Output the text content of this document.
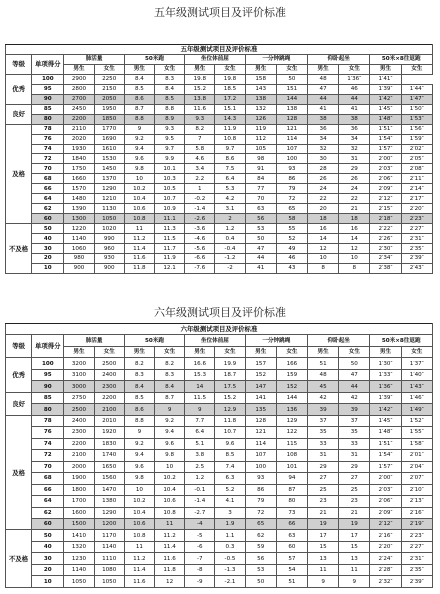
五年级测试项目及评价标准
五年级测试项目及评价标准													
等级	单项得分	肺活量		50米跑		坐位体前屈		一分钟跳绳		仰卧起坐		50米×8往返跑	
		男生	女生	男生	女生	男生	女生	男生	女生	男生	女生	男生	女生
优秀	100	2900	2250	8.4	8.3	19.8	19.8	158	50	48	1′36″	1′41″	
	95	2800	2150	8.5	8.4	15.2	18.5	143	151	47	46	1′39″	1′44″
	90	2700	2050	8.6	8.5	13.8	17.2	138	144	44	44	1′42″	1′47″
良好	85	2450	1950	8.7	8.8	11.6	15.1	132	138	41	41	1′45″	1′50″
	80	2200	1850	8.8	8.9	9.3	14.3	126	128	38	38	1′48″	1′53″
及格	78	2110	1770	9	9.3	8.2	11.9	119	121	36	36	1′51″	1′56″
	76	2020	1690	9.2	9.5	7	10.8	112	114	34	34	1′54″	1′59″
	74	1930	1610	9.4	9.7	5.8	9.7	105	107	32	32	1′57″	2′02″
	72	1840	1530	9.6	9.9	4.6	8.6	98	100	30	31	2′00″	2′05″
	70	1750	1450	9.8	10.1	3.4	7.5	91	93	28	29	2′03″	2′08″
	68	1660	1370	10	10.3	2.2	6.4	84	86	26	26	2′06″	2′11″
	66	1570	1290	10.2	10.5	1	5.3	77	79	24	24	2′09″	2′14″
	64	1480	1210	10.4	10.7	-0.2	4.2	70	72	22	22	2′12″	2′17″
	62	1390	1130	10.6	10.9	-1.4	3.1	63	65	20	21	2′15″	2′20″
	60	1300	1050	10.8	11.1	-2.6	2	56	58	18	18	2′18″	2′23″
不及格	50	1220	1020	11	11.3	-3.6	1.2	53	55	16	16	2′22″	2′27″
	40	1140	990	11.2	11.5	-4.6	0.4	50	52	14	14	2′26″	2′31″
	30	1060	960	11.4	11.7	-5.6	-0.4	47	49	12	12	2′30″	2′35″
	20	980	930	11.6	11.9	-6.6	-1.2	44	46	10	10	2′34″	2′39″
	10	900	900	11.8	12.1	-7.6	-2	41	43	8	8	2′38″	2′43″
六年级测试项目及评价标准
六年级测试项目及评价标准													
等级	单项得分	肺活量		50米跑		坐位体前屈		一分钟跳绳		仰卧起坐		50米×8往返跑	
		男生	女生	男生	女生	男生	女生	男生	女生	男生	女生	男生	女生
优秀	100	3200	2500	8.2	8.2	16.6	19.9	157	166	51	50	1′30″	1′37″
	95	3100	2400	8.3	8.3	15.3	18.7	152	159	48	47	1′33″	1′40″
	90	3000	2300	8.4	8.4	14	17.5	147	152	45	44	1′36″	1′43″
良好	85	2750	2200	8.5	8.7	11.5	15.2	141	144	42	42	1′39″	1′46″
	80	2500	2100	8.6	9	9	12.9	135	136	39	39	1′42″	1′49″
及格	78	2400	2010	8.8	9.2	7.7	11.8	128	129	37	37	1′45″	1′52″
	76	2300	1920	9	9.4	6.4	10.7	121	122	35	35	1′48″	1′55″
	74	2200	1830	9.2	9.6	5.1	9.6	114	115	33	33	1′51″	1′58″
	72	2100	1740	9.4	9.8	3.8	8.5	107	108	31	31	1′54″	2′01″
	70	2000	1650	9.6	10	2.5	7.4	100	101	29	29	1′57″	2′04″
	68	1900	1560	9.8	10.2	1.2	6.3	93	94	27	27	2′00″	2′07″
	66	1800	1470	10	10.4	-0.1	5.2	86	87	25	25	2′03″	2′10″
	64	1700	1380	10.2	10.6	-1.4	4.1	79	80	23	23	2′06″	2′13″
	62	1600	1290	10.4	10.8	-2.7	3	72	73	21	21	2′09″	2′16″
	60	1500	1200	10.6	11	-4	1.9	65	66	19	19	2′12″	2′19″
不及格	50	1410	1170	10.8	11.2	-5	1.1	62	63	17	17	2′16″	2′23″
	40	1320	1140	11	11.4	-6	0.3	59	60	15	15	2′20″	2′27″
	30	1230	1110	11.2	11.6	-7	-0.5	56	57	13	13	2′24″	2′31″
	20	1140	1080	11.4	11.8	-8	-1.3	53	54	11	11	2′28″	2′35″
	10	1050	1050	11.6	12	-9	-2.1	50	51	9	9	2′32″	2′39″
